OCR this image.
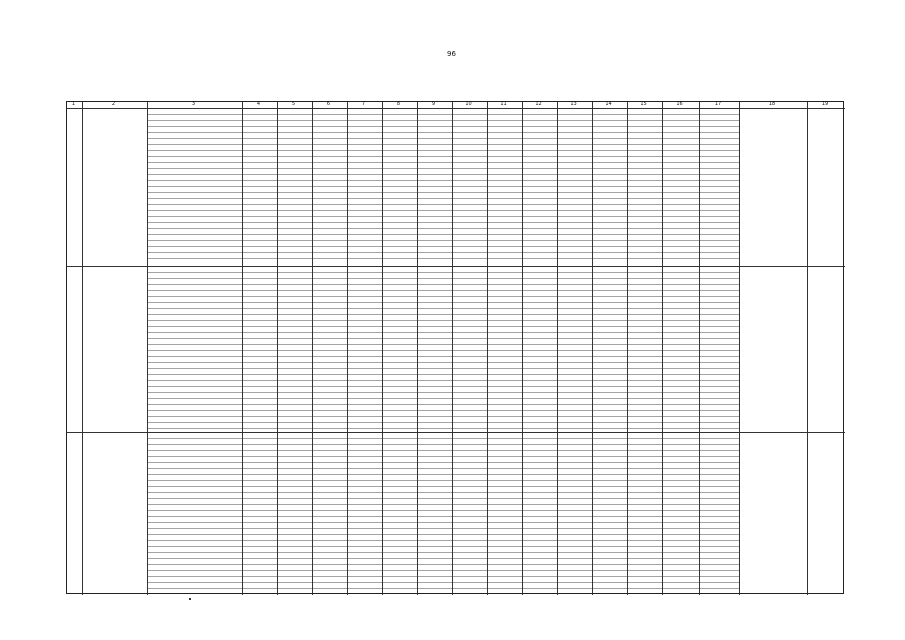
96
1	2	3	4	5	6	7	8	9	10	11	12	13	14	15	16	17	18	19
